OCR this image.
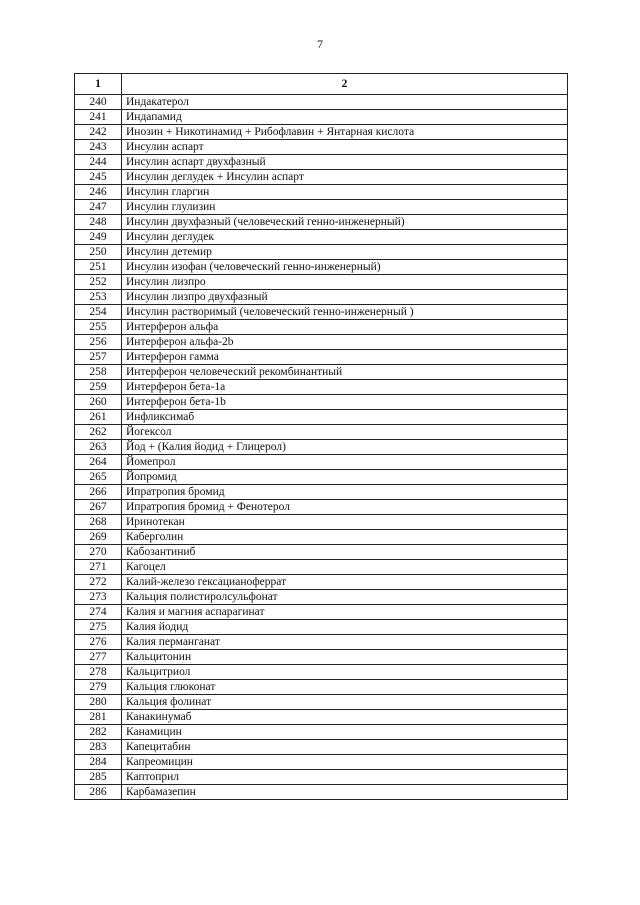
7
1	2
240	Индакатерол
241	Индапамид
242	Инозин + Никотинамид + Рибофлавин + Янтарная кислота
243	Инсулин аспарт
244	Инсулин аспарт двухфазный
245	Инсулин деглудек + Инсулин аспарт
246	Инсулин гларгин
247	Инсулин глулизин
248	Инсулин двухфазный (человеческий генно-инженерный)
249	Инсулин деглудек
250	Инсулин детемир
251	Инсулин изофан (человеческий генно-инженерный)
252	Инсулин лизпро
253	Инсулин лизпро двухфазный
254	Инсулин растворимый (человеческий генно-инженерный )
255	Интерферон альфа
256	Интерферон альфа-2b
257	Интерферон гамма
258	Интерферон человеческий рекомбинантный
259	Интерферон бета-1а
260	Интерферон бета-1b
261	Инфликсимаб
262	Йогексол
263	Йод + (Калия йодид + Глицерол)
264	Йомепрол
265	Йопромид
266	Ипратропия бромид
267	Ипратропия бромид + Фенотерол
268	Иринотекан
269	Каберголин
270	Кабозантиниб
271	Кагоцел
272	Калий-железо гексацианоферрат
273	Кальция полистиролсульфонат
274	Калия и магния аспарагинат
275	Калия йодид
276	Калия перманганат
277	Кальцитонин
278	Кальцитриол
279	Кальция глюконат
280	Кальция фолинат
281	Канакинумаб
282	Канамицин
283	Капецитабин
284	Капреомицин
285	Каптоприл
286	Карбамазепин
